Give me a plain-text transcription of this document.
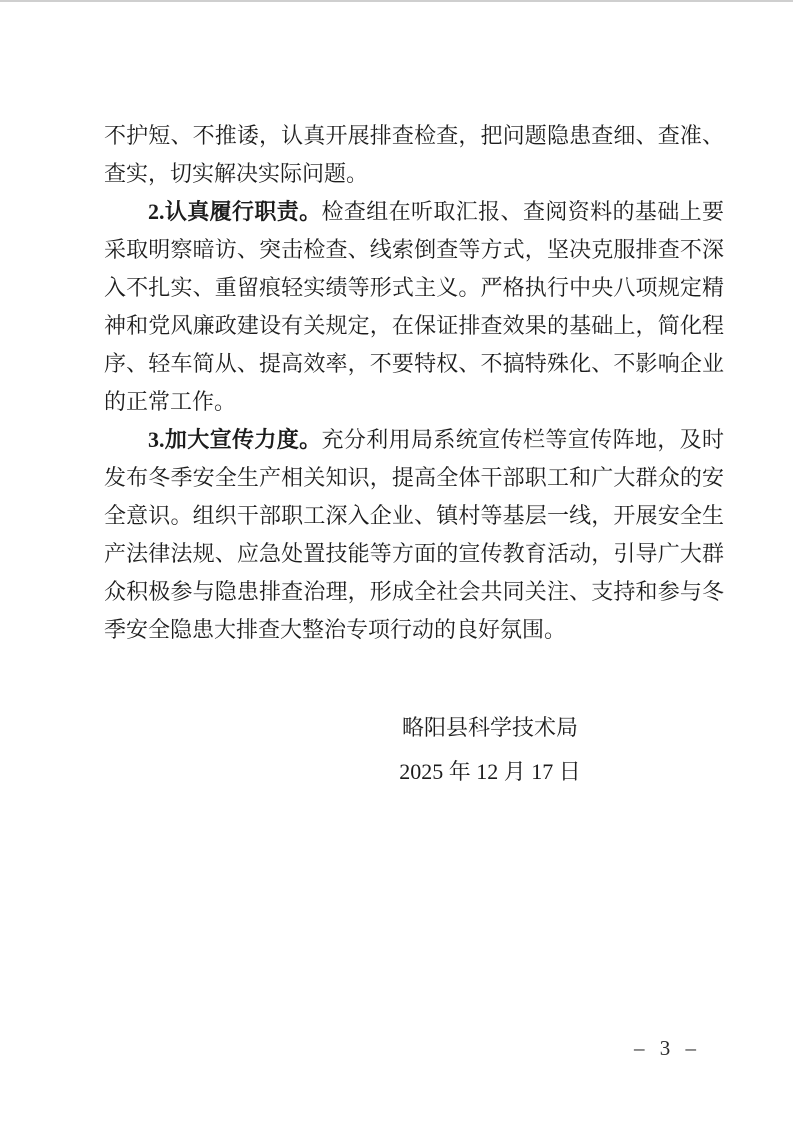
不护短、不推诿，认真开展排查检查，把问题隐患查细、查准、查实，切实解决实际问题。

2.认真履行职责。检查组在听取汇报、查阅资料的基础上要采取明察暗访、突击检查、线索倒查等方式，坚决克服排查不深入不扎实、重留痕轻实绩等形式主义。严格执行中央八项规定精神和党风廉政建设有关规定，在保证排查效果的基础上，简化程序、轻车简从、提高效率，不要特权、不搞特殊化、不影响企业的正常工作。

3.加大宣传力度。充分利用局系统宣传栏等宣传阵地，及时发布冬季安全生产相关知识，提高全体干部职工和广大群众的安全意识。组织干部职工深入企业、镇村等基层一线，开展安全生产法律法规、应急处置技能等方面的宣传教育活动，引导广大群众积极参与隐患排查治理，形成全社会共同关注、支持和参与冬季安全隐患大排查大整治专项行动的良好氛围。

略阳县科学技术局
2025 年 12 月 17 日
– 3 –
